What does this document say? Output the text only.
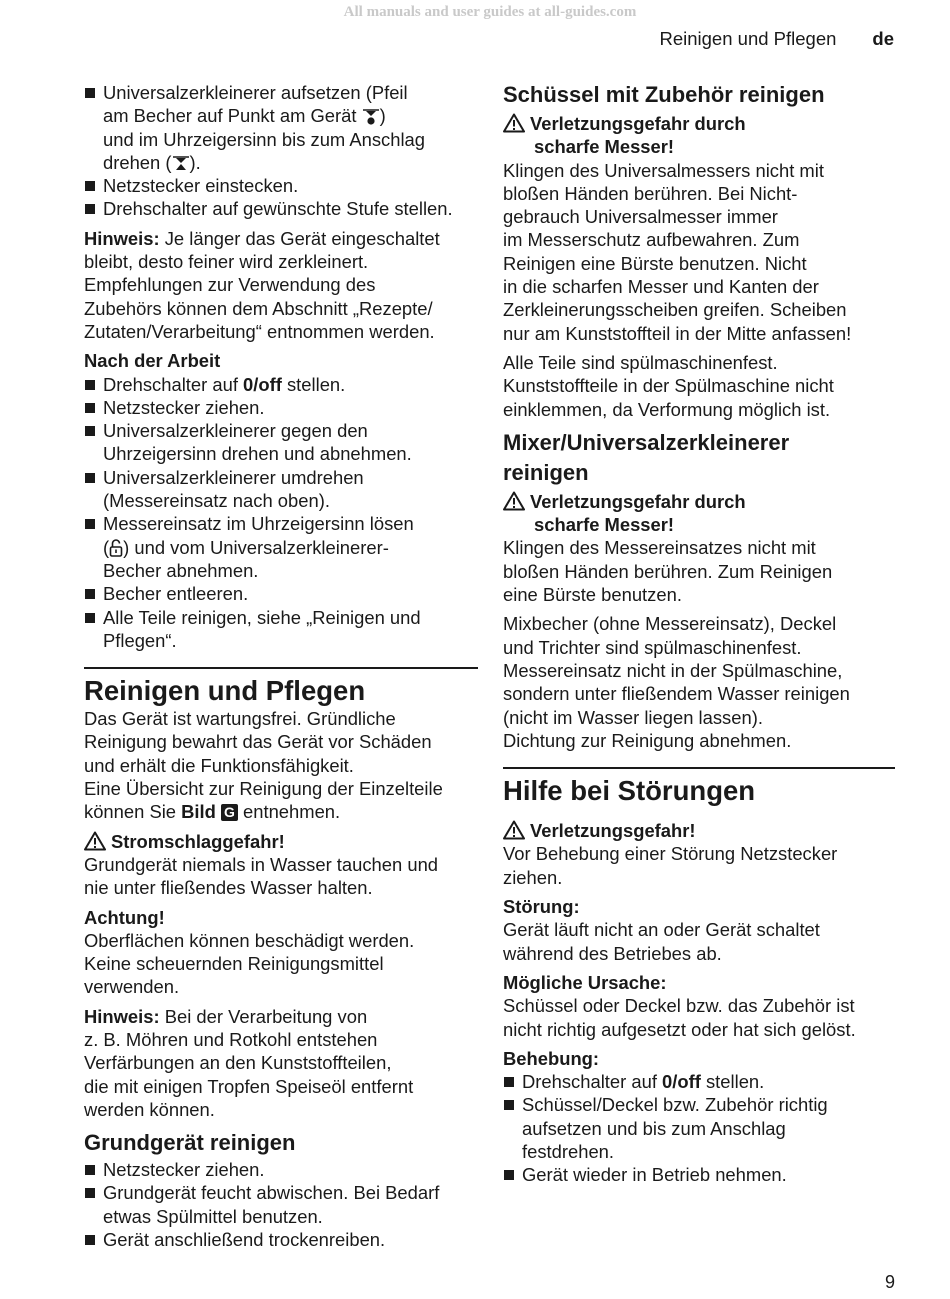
All manuals and user guides at all-guides.com
Reinigen und Pflegen de
Universalzerkleinerer aufsetzen (Pfeil
am Becher auf Punkt am Gerät )
und im Uhrzeigersinn bis zum Anschlag
drehen ( ).
Netzstecker einstecken.
Drehschalter auf gewünschte Stufe stellen.

Hinweis: Je länger das Gerät eingeschaltet
bleibt, desto feiner wird zerkleinert.
Empfehlungen zur Verwendung des
Zubehörs können dem Abschnitt „Rezepte/
Zutaten/Verarbeitung“ entnommen werden.

Nach der Arbeit

Drehschalter auf 0/off stellen.
Netzstecker ziehen.
Universalzerkleinerer gegen den
Uhrzeigersinn drehen und abnehmen.
Universalzerkleinerer umdrehen
(Messereinsatz nach oben).
Messereinsatz im Uhrzeigersinn lösen
( ) und vom Universalzerkleinerer-
Becher abnehmen.
Becher entleeren.
Alle Teile reinigen, siehe „Reinigen und
Pflegen“.
Reinigen und Pflegen

Das Gerät ist wartungsfrei. Gründliche
Reinigung bewahrt das Gerät vor Schäden
und erhält die Funktionsfähigkeit.
Eine Übersicht zur Reinigung der Einzelteile
können Sie Bild G entnehmen.

Stromschlaggefahr!

Grundgerät niemals in Wasser tauchen und
nie unter fließendes Wasser halten.

Achtung!

Oberflächen können beschädigt werden.
Keine scheuernden Reinigungsmittel
verwenden.

Hinweis: Bei der Verarbeitung von
z. B. Möhren und Rotkohl entstehen
Verfärbungen an den Kunststoffteilen,
die mit einigen Tropfen Speiseöl entfernt
werden können.

Grundgerät reinigen
Netzstecker ziehen.
Grundgerät feucht abwischen. Bei Bedarf
etwas Spülmittel benutzen.
Gerät anschließend trockenreiben.
Schüssel mit Zubehör reinigen
Verletzungsgefahr durch
scharfe Messer!

Klingen des Universalmessers nicht mit
bloßen Händen berühren. Bei Nicht-
gebrauch Universalmesser immer
im Messerschutz aufbewahren. Zum
Reinigen eine Bürste benutzen. Nicht
in die scharfen Messer und Kanten der
Zerkleinerungsscheiben greifen. Scheiben
nur am Kunststoffteil in der Mitte anfassen!

Alle Teile sind spülmaschinenfest.
Kunststoffteile in der Spülmaschine nicht
einklemmen, da Verformung möglich ist.

Mixer/Universalzerkleinerer
reinigen
Verletzungsgefahr durch
scharfe Messer!

Klingen des Messereinsatzes nicht mit
bloßen Händen berühren. Zum Reinigen
eine Bürste benutzen.

Mixbecher (ohne Messereinsatz), Deckel
und Trichter sind spülmaschinenfest.
Messereinsatz nicht in der Spülmaschine,
sondern unter fließendem Wasser reinigen
(nicht im Wasser liegen lassen).
Dichtung zur Reinigung abnehmen.

Hilfe bei Störungen
Verletzungsgefahr!

Vor Behebung einer Störung Netzstecker
ziehen.

Störung:

Gerät läuft nicht an oder Gerät schaltet
während des Betriebes ab.

Mögliche Ursache:

Schüssel oder Deckel bzw. das Zubehör ist
nicht richtig aufgesetzt oder hat sich gelöst.

Behebung:

Drehschalter auf 0/off stellen.
Schüssel/Deckel bzw. Zubehör richtig
aufsetzen und bis zum Anschlag
festdrehen.
Gerät wieder in Betrieb nehmen.
9
